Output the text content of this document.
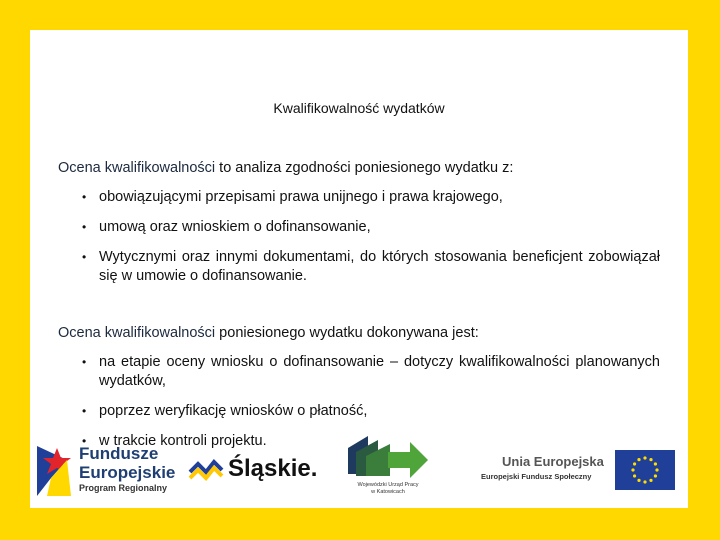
Kwalifikowalność wydatków
Ocena kwalifikowalności to analiza zgodności poniesionego wydatku z:
• obowiązującymi przepisami prawa unijnego i prawa krajowego,
• umową oraz wnioskiem o dofinansowanie,
• Wytycznymi oraz innymi dokumentami, do których stosowania beneficjent zobowiązał się w umowie o dofinansowanie.
Ocena kwalifikowalności poniesionego wydatku dokonywana jest:
• na etapie oceny wniosku o dofinansowanie – dotyczy kwalifikowalności planowanych wydatków,
• poprzez weryfikację wniosków o płatność,
• w trakcie kontroli projektu.
Fundusze
Europejskie
Program Regionalny
Śląskie.
Wojewódzki Urząd Pracy
w Katowicach
Unia Europejska
Europejski Fundusz Społeczny
